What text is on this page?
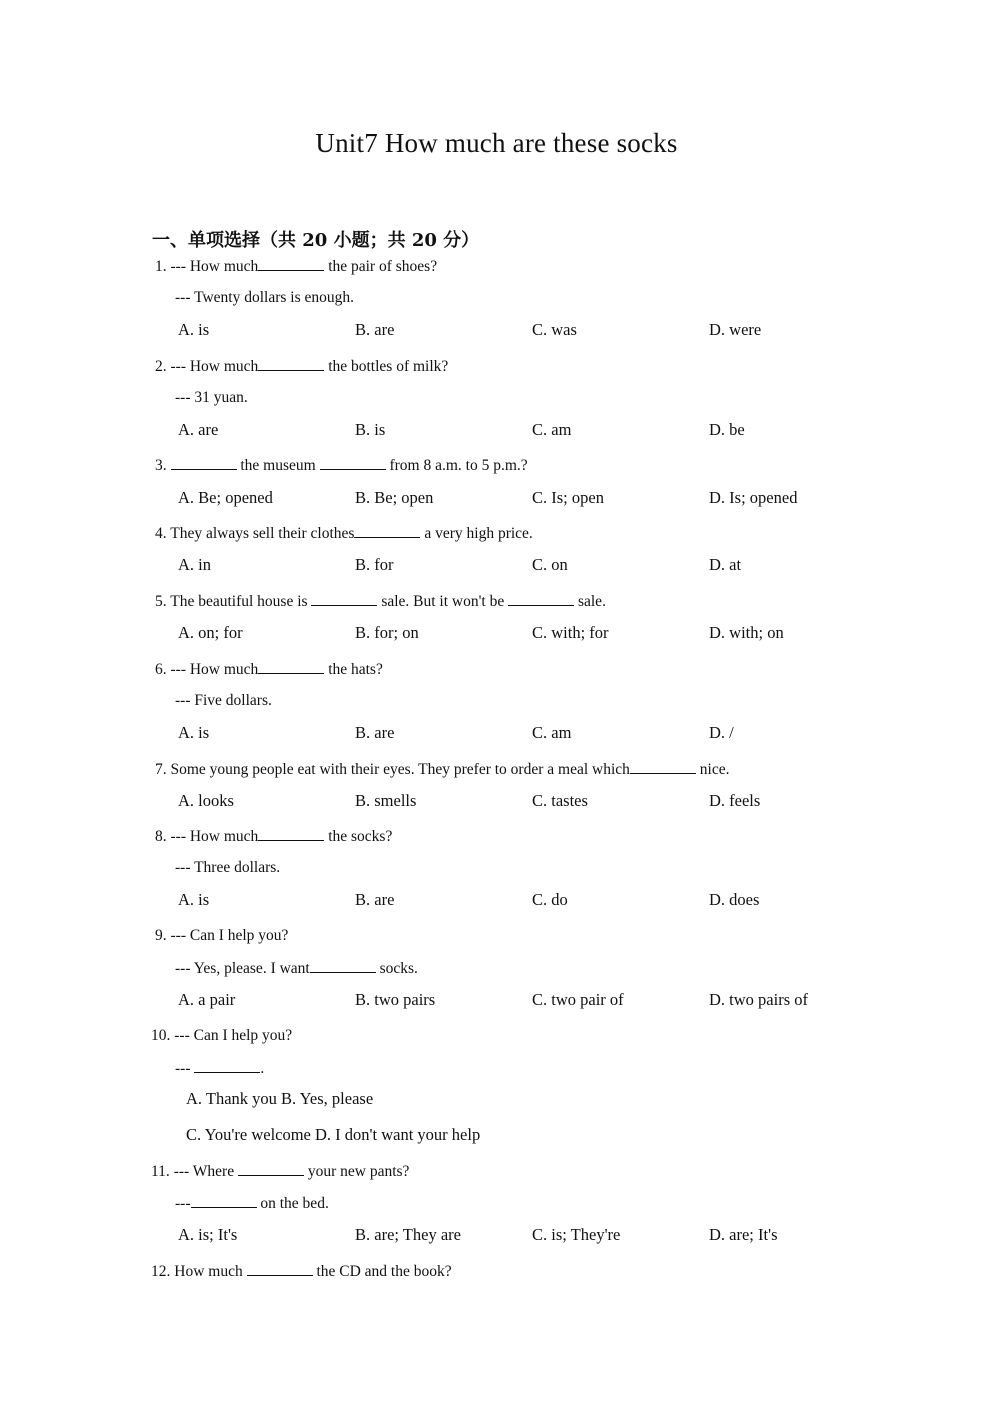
Unit7 How much are these socks
一、单项选择（共 20 小题；共 20 分）
1. --- How much	the pair of shoes?
--- Twenty dollars is enough.
A. is	B. are	C. was	D. were
2. --- How much	the bottles of milk?
--- 31 yuan.
A. are	B. is	C. am	D. be
3.	the museum	from 8 a.m. to 5 p.m.?
A. Be; opened	B. Be; open	C. Is; open	D. Is; opened
4. They always sell their clothes	a very high price.
A. in	B. for	C. on	D. at
5. The beautiful house is	sale. But it won't be	sale.
A. on; for	B. for; on	C. with; for	D. with; on
6. --- How much	the hats?
--- Five dollars.
A. is	B. are	C. am	D. /
7. Some young people eat with their eyes. They prefer to order a meal which	nice.
A. looks	B. smells	C. tastes	D. feels
8. --- How much	the socks?
--- Three dollars.
A. is	B. are	C. do	D. does
9. --- Can I help you?
--- Yes, please. I want	socks.
A. a pair	B. two pairs	C. two pair of	D. two pairs of
10. --- Can I help you?
---	.
A. Thank you B. Yes, please
C. You're welcome D. I don't want your help
11. --- Where	your new pants?
---	on the bed.
A. is; It's	B. are; They are	C. is; They're	D. are; It's
12. How much	the CD and the book?
